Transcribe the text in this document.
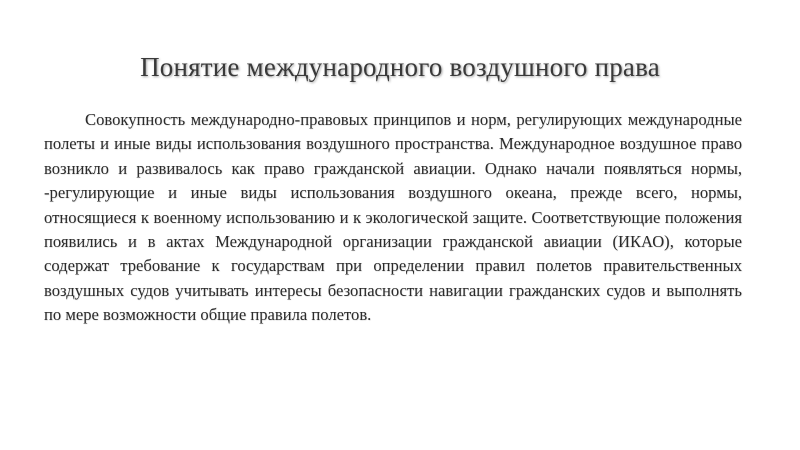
Понятие международного воздушного права

Совокупность международно-правовых принципов и норм, регулирующих международные полеты и иные виды использования воздушного пространства. Международное воздушное право возникло и развивалось как право гражданской авиации. Однако начали появляться нормы, -регулирующие и иные виды использования воздушного океана, прежде всего, нормы, относящиеся к военному использованию и к экологической защите. Соответствующие положения появились и в актах Международной организации гражданской авиации (ИКАО), которые содержат требование к государствам при определении правил полетов правительственных воздушных судов учитывать интересы безопасности навигации гражданских судов и выполнять по мере возможности общие правила полетов.
